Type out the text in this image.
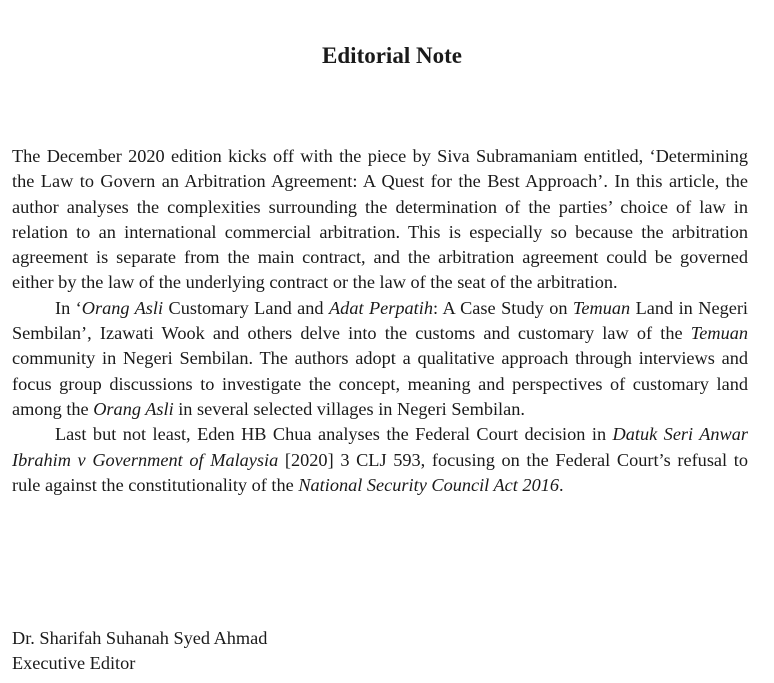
Editorial Note

The December 2020 edition kicks off with the piece by Siva Subramaniam entitled, ‘Determining the Law to Govern an Arbitration Agreement: A Quest for the Best Approach’. In this article, the author analyses the complexities surrounding the determination of the parties’ choice of law in relation to an international commercial arbitration. This is especially so because the arbitration agreement is separate from the main contract, and the arbitration agreement could be governed either by the law of the underlying contract or the law of the seat of the arbitration.

In ‘Orang Asli Customary Land and Adat Perpatih: A Case Study on Temuan Land in Negeri Sembilan’, Izawati Wook and others delve into the customs and customary law of the Temuan community in Negeri Sembilan. The authors adopt a qualitative approach through interviews and focus group discussions to investigate the concept, meaning and perspectives of customary land among the Orang Asli in several selected villages in Negeri Sembilan.

Last but not least, Eden HB Chua analyses the Federal Court decision in Datuk Seri Anwar Ibrahim v Government of Malaysia [2020] 3 CLJ 593, focusing on the Federal Court’s refusal to rule against the constitutionality of the National Security Council Act 2016.

Dr. Sharifah Suhanah Syed Ahmad
Executive Editor
